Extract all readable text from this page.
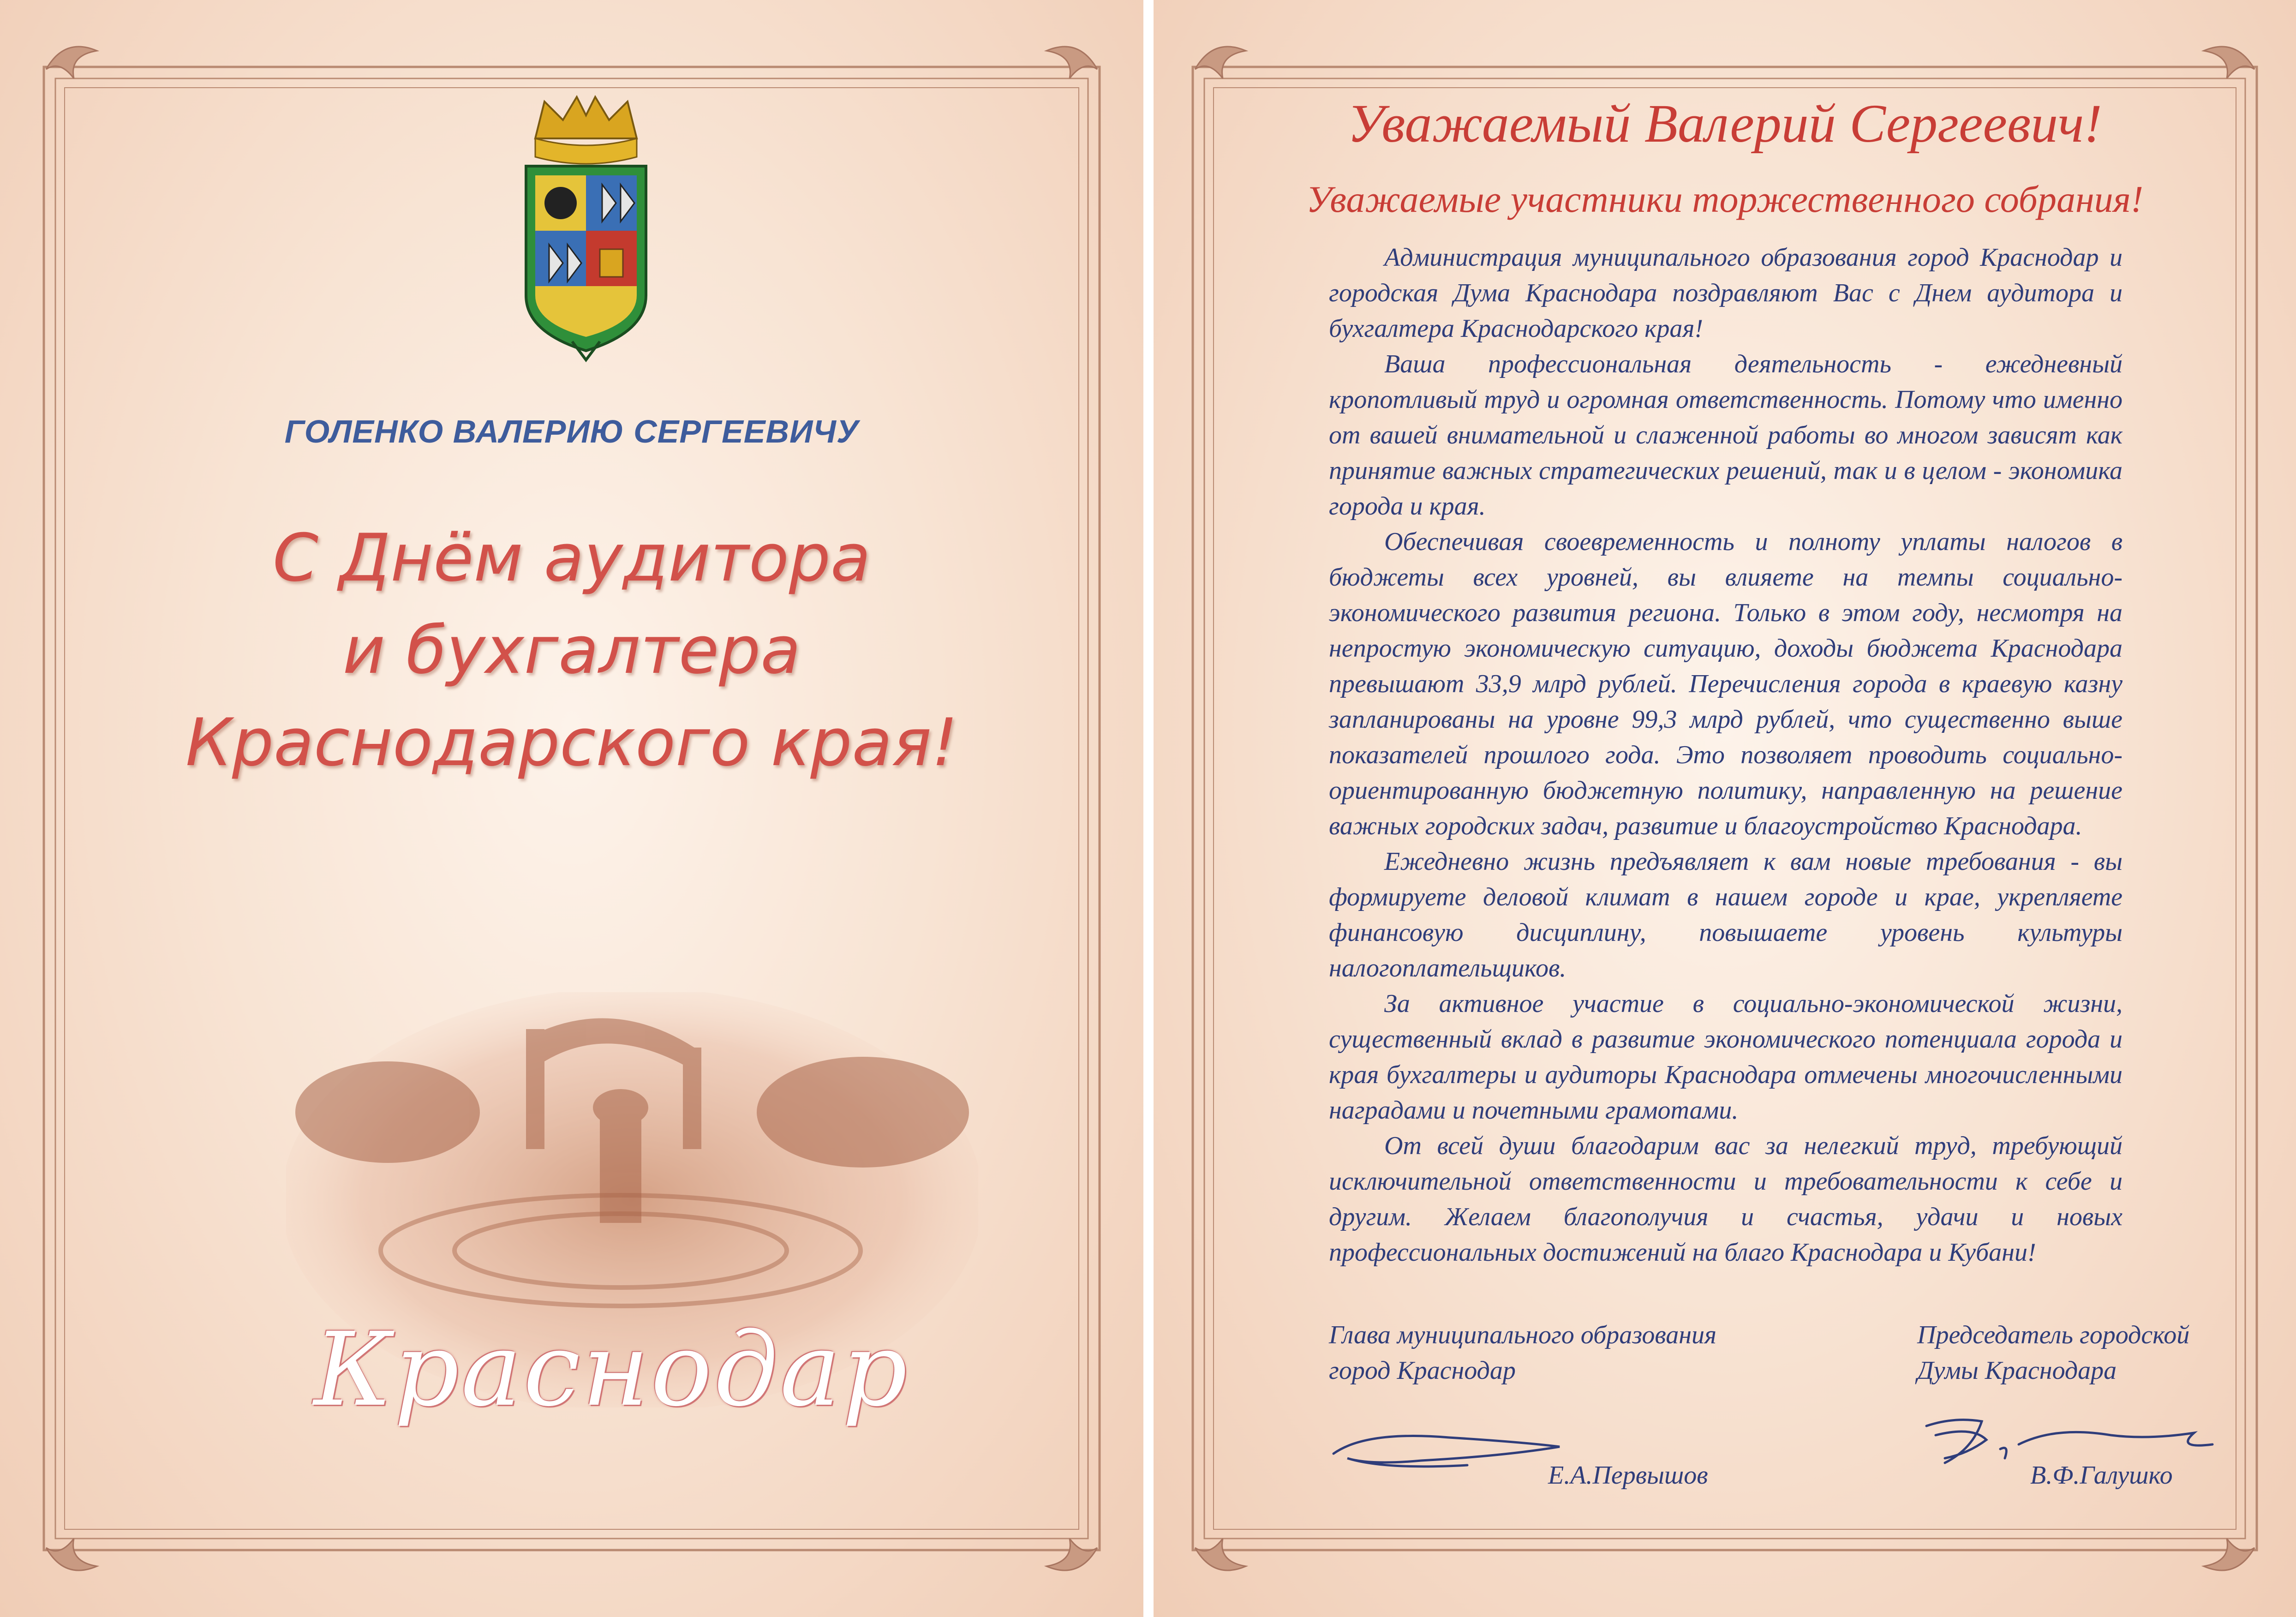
ГОЛЕНКО ВАЛЕРИЮ СЕРГЕЕВИЧУ
С Днём аудитора
и бухгалтера
Краснодарского края!
Краснодар
Уважаемый Валерий Сергеевич!
Уважаемые участники торжественного собрания!

Администрация муниципального образования город Краснодар и городская Дума Краснодара поздравляют Вас с Днем аудитора и бухгалтера Краснодарского края!

Ваша профессиональная деятельность - ежедневный кропотливый труд и огромная ответственность. Потому что именно от вашей внимательной и слаженной работы во многом зависят как принятие важных стратегических решений, так и в целом - экономика города и края.

Обеспечивая своевременность и полноту уплаты налогов в бюджеты всех уровней, вы влияете на темпы социально-экономического развития региона. Только в этом году, несмотря на непростую экономическую ситуацию, доходы бюджета Краснодара превышают 33,9 млрд рублей. Перечисления города в краевую казну запланированы на уровне 99,3 млрд рублей, что существенно выше показателей прошлого года. Это позволяет проводить социально-ориентированную бюджетную политику, направленную на решение важных городских задач, развитие и благоустройство Краснодара.

Ежедневно жизнь предъявляет к вам новые требования - вы формируете деловой климат в нашем городе и крае, укрепляете финансовую дисциплину, повышаете уровень культуры налогоплательщиков.

За активное участие в социально-экономической жизни, существенный вклад в развитие экономического потенциала города и края бухгалтеры и аудиторы Краснодара отмечены многочисленными наградами и почетными грамотами.

От всей души благодарим вас за нелегкий труд, требующий исключительной ответственности и требовательности к себе и другим. Желаем благополучия и счастья, удачи и новых профессиональных достижений на благо Краснодара и Кубани!

Глава муниципального образования
город Краснодар
Председатель городской
Думы Краснодара
Е.А.Первышов	В.Ф.Галушко
